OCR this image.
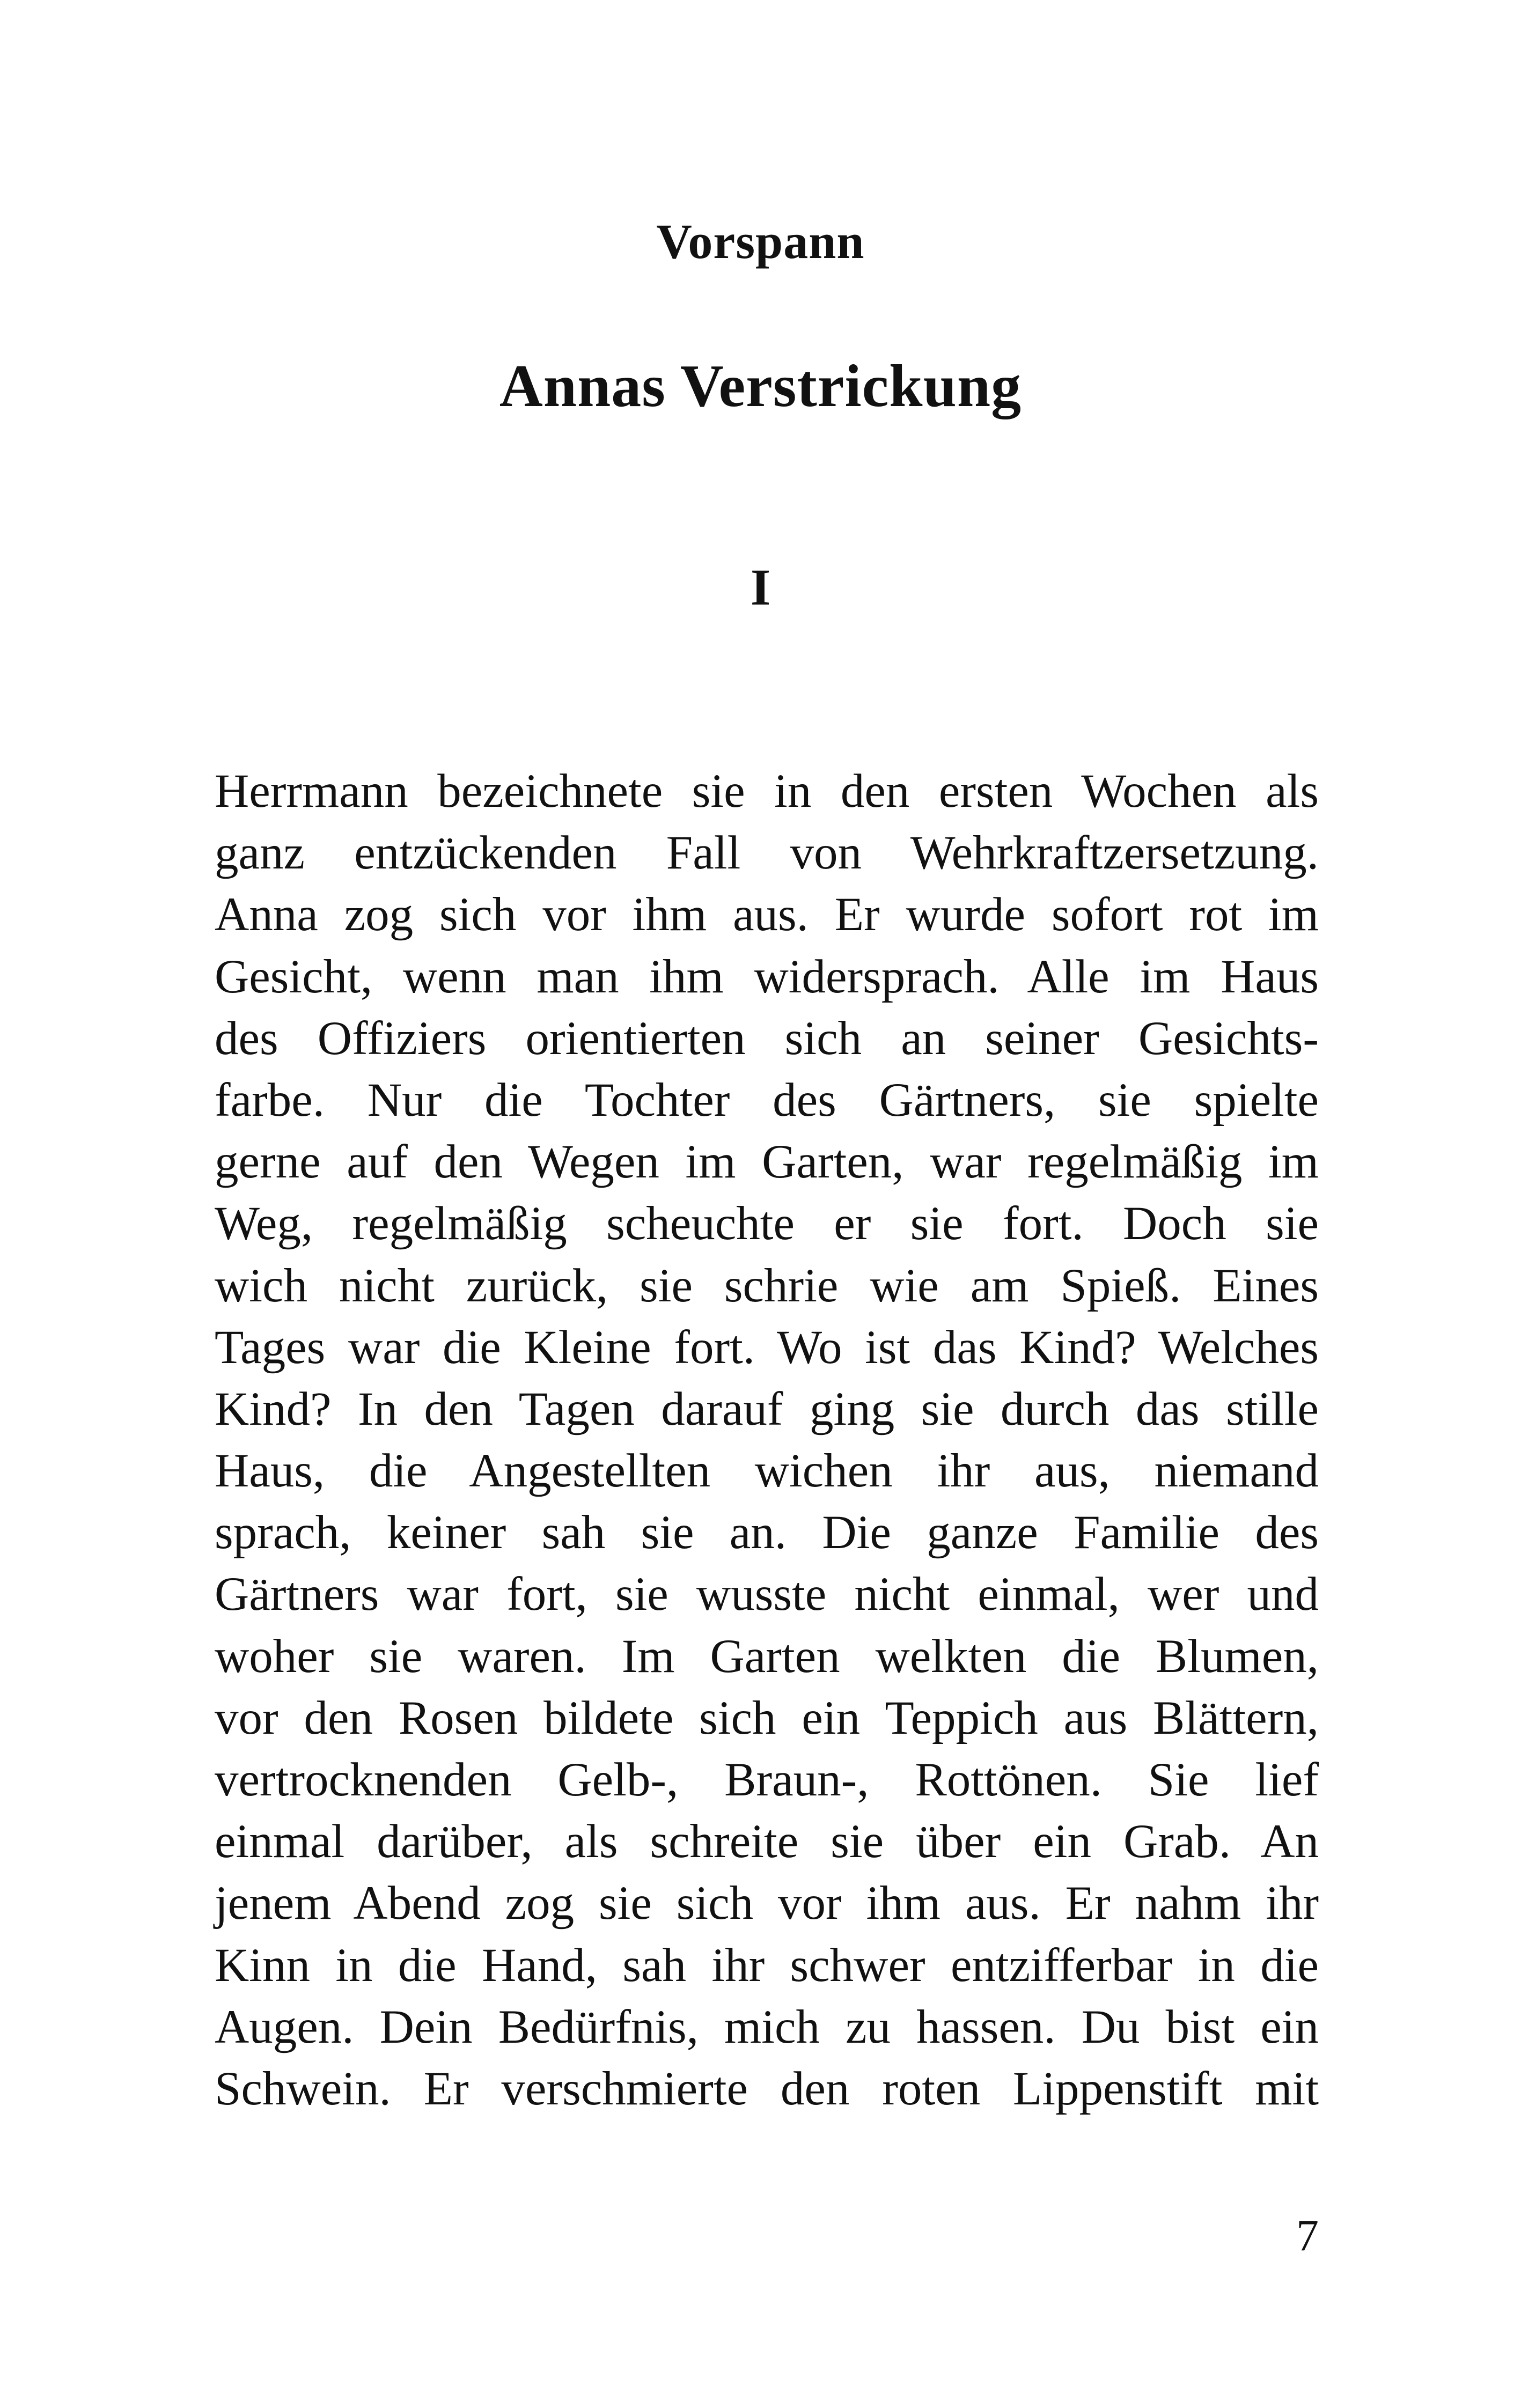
Vorspann
Annas Verstrickung
I
Herrmann bezeichnete sie in den ersten Wochen als
ganz entzückenden Fall von Wehrkraftzersetzung.
Anna zog sich vor ihm aus. Er wurde sofort rot im
Gesicht, wenn man ihm widersprach. Alle im Haus
des Offiziers orientierten sich an seiner Gesichts-
farbe. Nur die Tochter des Gärtners, sie spielte
gerne auf den Wegen im Garten, war regelmäßig im
Weg, regelmäßig scheuchte er sie fort. Doch sie
wich nicht zurück, sie schrie wie am Spieß. Eines
Tages war die Kleine fort. Wo ist das Kind? Welches
Kind? In den Tagen darauf ging sie durch das stille
Haus, die Angestellten wichen ihr aus, niemand
sprach, keiner sah sie an. Die ganze Familie des
Gärtners war fort, sie wusste nicht einmal, wer und
woher sie waren. Im Garten welkten die Blumen,
vor den Rosen bildete sich ein Teppich aus Blättern,
vertrocknenden Gelb-, Braun-, Rottönen. Sie lief
einmal darüber, als schreite sie über ein Grab. An
jenem Abend zog sie sich vor ihm aus. Er nahm ihr
Kinn in die Hand, sah ihr schwer entzifferbar in die
Augen. Dein Bedürfnis, mich zu hassen. Du bist ein
Schwein. Er verschmierte den roten Lippenstift mit
7
